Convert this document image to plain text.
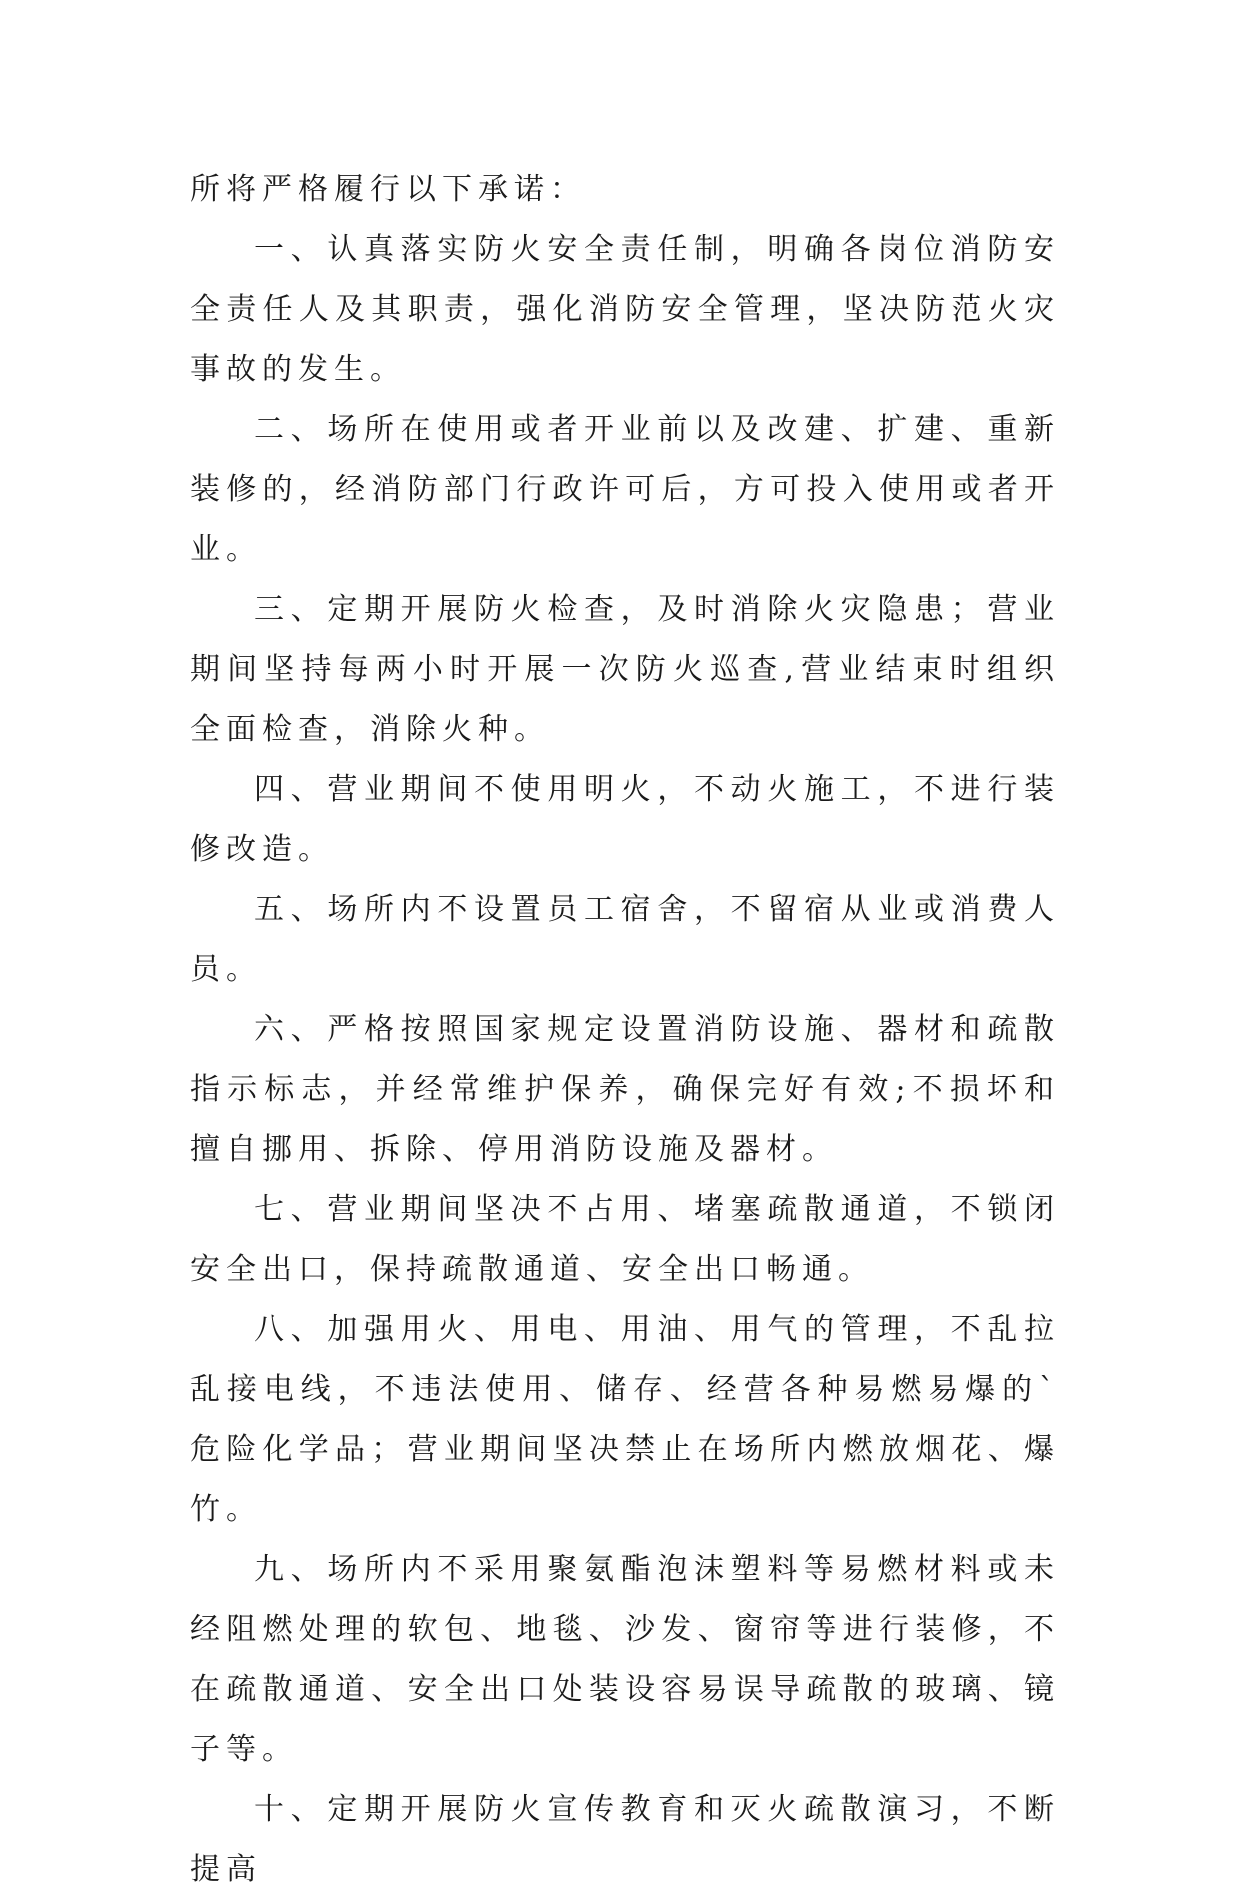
所将严格履行以下承诺：

一、认真落实防火安全责任制，明确各岗位消防安全责任人及其职责，强化消防安全管理，坚决防范火灾事故的发生。

二、场所在使用或者开业前以及改建、扩建、重新装修的，经消防部门行政许可后，方可投入使用或者开业。

三、定期开展防火检查，及时消除火灾隐患；营业期间坚持每两小时开展一次防火巡查,营业结束时组织全面检查，消除火种。

四、营业期间不使用明火，不动火施工，不进行装修改造。

五、场所内不设置员工宿舍，不留宿从业或消费人员。

六、严格按照国家规定设置消防设施、器材和疏散指示标志，并经常维护保养，确保完好有效;不损坏和擅自挪用、拆除、停用消防设施及器材。

七、营业期间坚决不占用、堵塞疏散通道，不锁闭安全出口，保持疏散通道、安全出口畅通。

八、加强用火、用电、用油、用气的管理，不乱拉乱接电线，不违法使用、储存、经营各种易燃易爆的`危险化学品；营业期间坚决禁止在场所内燃放烟花、爆竹。

九、场所内不采用聚氨酯泡沫塑料等易燃材料或未经阻燃处理的软包、地毯、沙发、窗帘等进行装修，不在疏散通道、安全出口处装设容易误导疏散的玻璃、镜子等。

十、定期开展防火宣传教育和灭火疏散演习，不断提高
